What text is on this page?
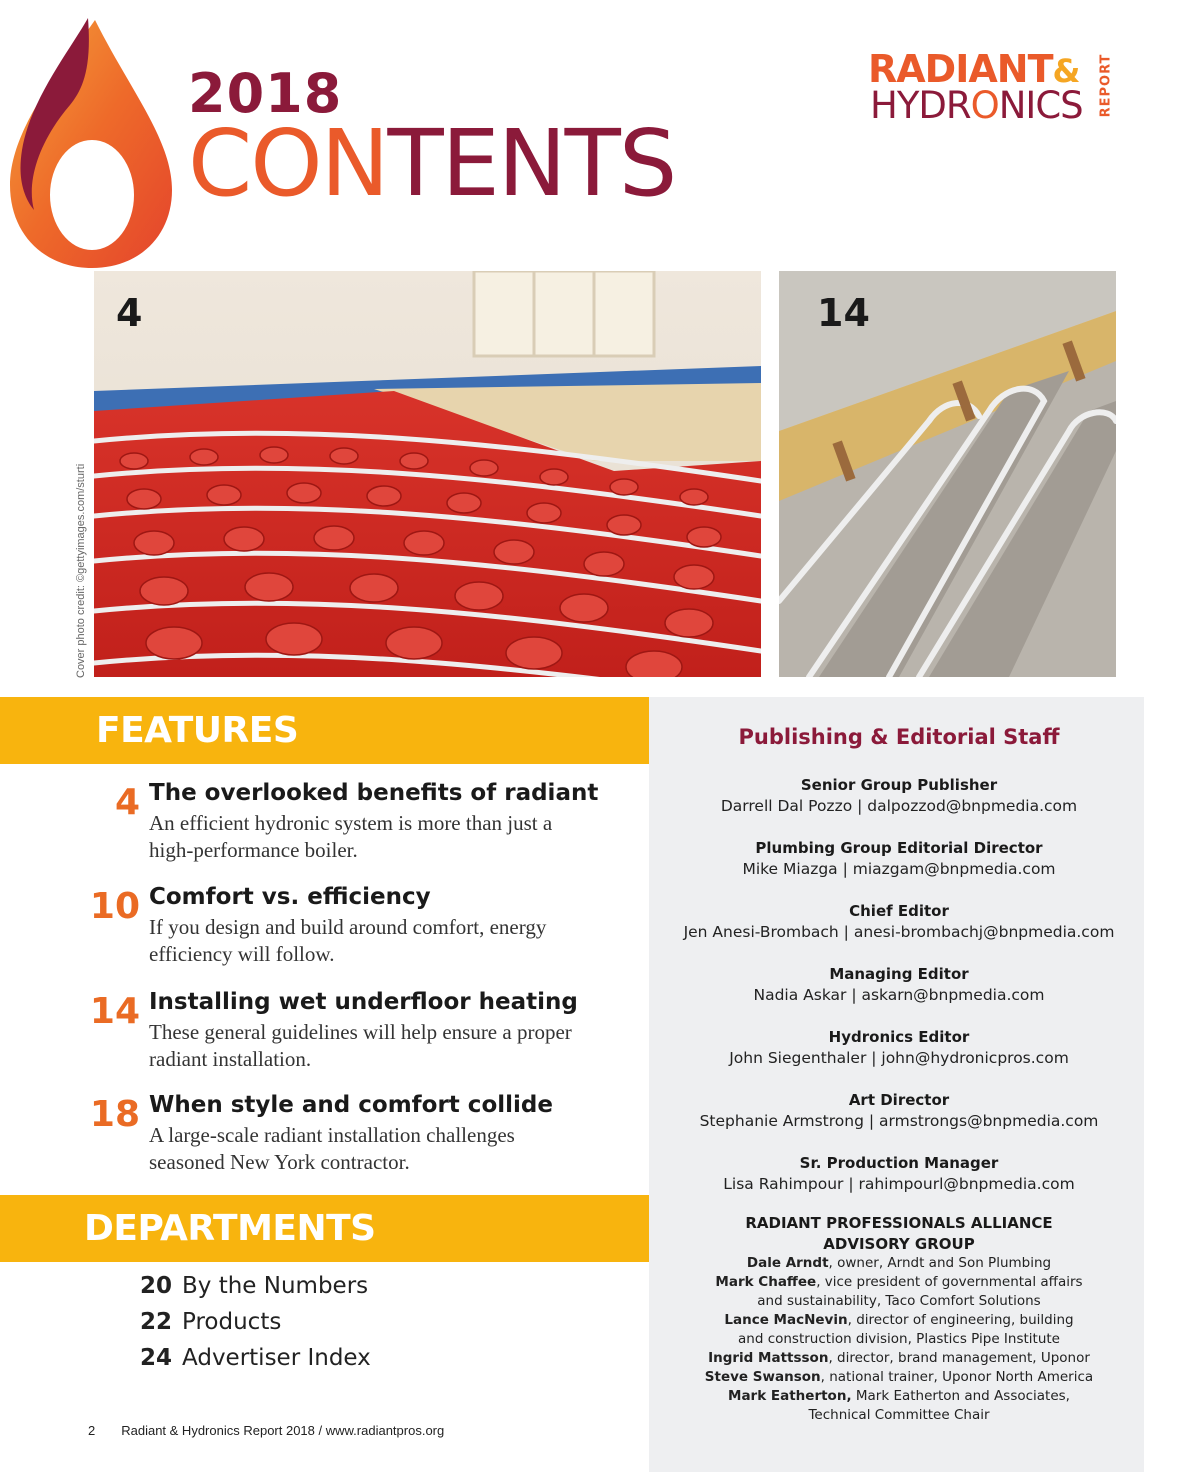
2018
CONTENTS
RADIANT&
HYDRONICS REPORT
4	14
Cover photo credit: ©gettyimages.com/sturti
FEATURES
4 The overlooked benefits of radiant
An efficient hydronic system is more than just a high-performance boiler.
10 Comfort vs. efficiency
If you design and build around comfort, energy efficiency will follow.
14 Installing wet underfloor heating
These general guidelines will help ensure a proper radiant installation.
18 When style and comfort collide
A large-scale radiant installation challenges seasoned New York contractor.
DEPARTMENTS
20 By the Numbers
22 Products
24 Advertiser Index
2 Radiant & Hydronics Report 2018 / www.radiantpros.org
Publishing & Editorial Staff
Senior Group Publisher
Darrell Dal Pozzo | dalpozzod@bnpmedia.com
Plumbing Group Editorial Director
Mike Miazga | miazgam@bnpmedia.com
Chief Editor
Jen Anesi-Brombach | anesi-brombachj@bnpmedia.com
Managing Editor
Nadia Askar | askarn@bnpmedia.com
Hydronics Editor
John Siegenthaler | john@hydronicpros.com
Art Director
Stephanie Armstrong | armstrongs@bnpmedia.com
Sr. Production Manager
Lisa Rahimpour | rahimpourl@bnpmedia.com
RADIANT PROFESSIONALS ALLIANCE
ADVISORY GROUP
Dale Arndt, owner, Arndt and Son Plumbing
Mark Chaffee, vice president of governmental affairs
and sustainability, Taco Comfort Solutions
Lance MacNevin, director of engineering, building
and construction division, Plastics Pipe Institute
Ingrid Mattsson, director, brand management, Uponor
Steve Swanson, national trainer, Uponor North America
Mark Eatherton, Mark Eatherton and Associates,
Technical Committee Chair
